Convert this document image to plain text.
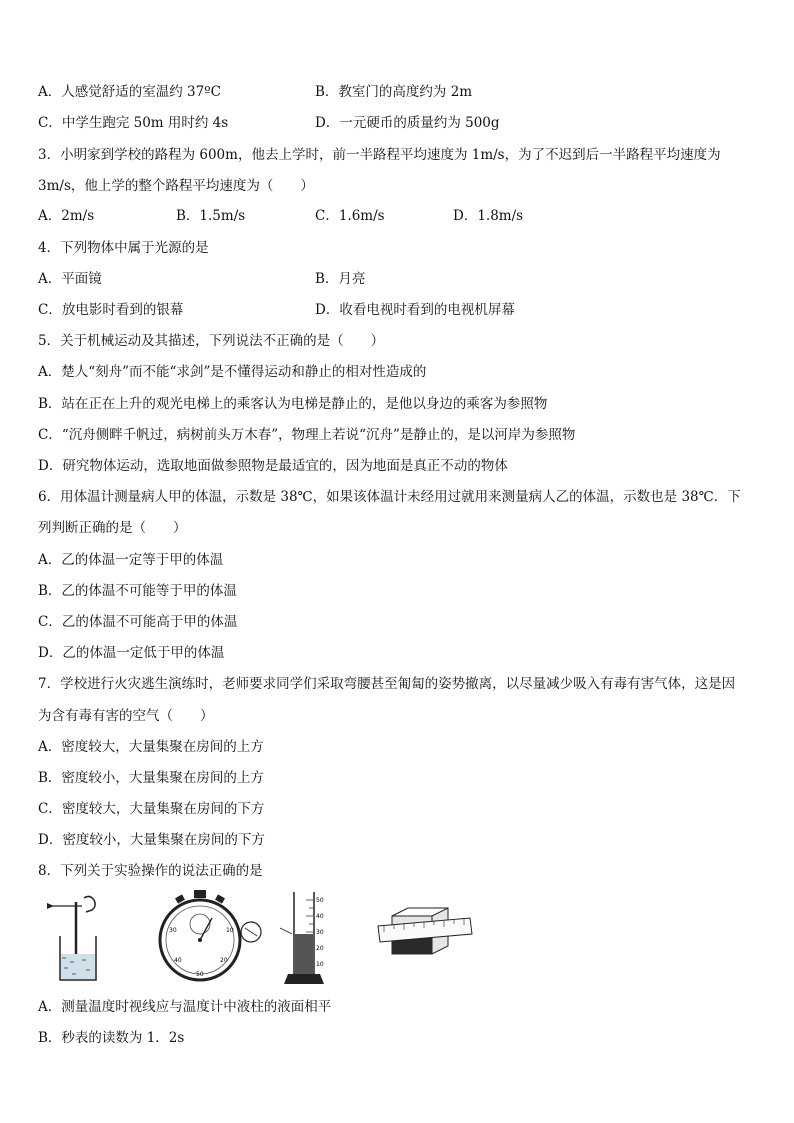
A．人感觉舒适的室温约 37ºC	B．教室门的高度约为 2m
C．中学生跑完 50m 用时约 4s	D．一元硬币的质量约为 500g
3．小明家到学校的路程为 600m，他去上学时，前一半路程平均速度为 1m/s，为了不迟到后一半路程平均速度为
3m/s，他上学的整个路程平均速度为（　　）
A．2m/s	B．1.5m/s	C．1.6m/s	D．1.8m/s
4．下列物体中属于光源的是
A．平面镜	B．月亮
C．放电影时看到的银幕	D．收看电视时看到的电视机屏幕
5．关于机械运动及其描述，下列说法不正确的是（　　）
A．楚人“刻舟”而不能“求剑”是不懂得运动和静止的相对性造成的
B．站在正在上升的观光电梯上的乘客认为电梯是静止的，是他以身边的乘客为参照物
C．“沉舟侧畔千帆过，病树前头万木春”，物理上若说“沉舟”是静止的，是以河岸为参照物
D．研究物体运动，选取地面做参照物是最适宜的，因为地面是真正不动的物体
6．用体温计测量病人甲的体温，示数是 38℃，如果该体温计未经用过就用来测量病人乙的体温，示数也是 38℃．下
列判断正确的是（　　）
A．乙的体温一定等于甲的体温
B．乙的体温不可能等于甲的体温
C．乙的体温不可能高于甲的体温
D．乙的体温一定低于甲的体温
7．学校进行火灾逃生演练时，老师要求同学们采取弯腰甚至匍匐的姿势撤离，以尽量减少吸入有毒有害气体，这是因
为含有毒有害的空气（　　）
A．密度较大，大量集聚在房间的上方
B．密度较小，大量集聚在房间的上方
C．密度较大，大量集聚在房间的下方
D．密度较小，大量集聚在房间的下方
8．下列关于实验操作的说法正确的是
30	10
40	20
50
50
40
30
20
10
A．测量温度时视线应与温度计中液柱的液面相平
B．秒表的读数为 1．2s
